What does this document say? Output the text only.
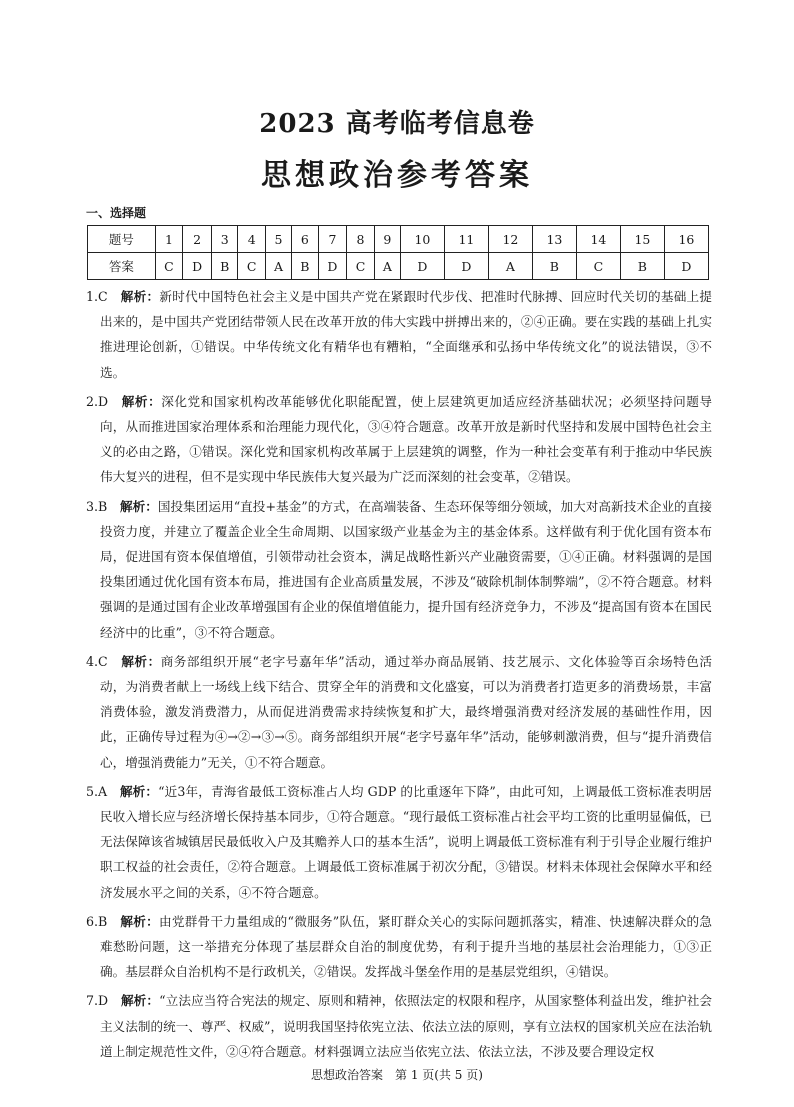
2023 高考临考信息卷
思想政治参考答案
一、选择题
题号	1	2	3	4	5	6	7	8	9	10	11	12	13	14	15	16
答案	C	D	B	C	A	B	D	C	A	D	D	A	B	C	B	D

1.C　 解析：新时代中国特色社会主义是中国共产党在紧跟时代步伐、把准时代脉搏、回应时代关切的基础上提出来的，是中国共产党团结带领人民在改革开放的伟大实践中拼搏出来的，②④正确。要在实践的基础上扎实推进理论创新，①错误。中华传统文化有精华也有糟粕，“全面继承和弘扬中华传统文化”的说法错误，③不选。

2.D　 解析：深化党和国家机构改革能够优化职能配置，使上层建筑更加适应经济基础状况；必须坚持问题导向，从而推进国家治理体系和治理能力现代化，③④符合题意。改革开放是新时代坚持和发展中国特色社会主义的必由之路，①错误。深化党和国家机构改革属于上层建筑的调整，作为一种社会变革有利于推动中华民族伟大复兴的进程，但不是实现中华民族伟大复兴最为广泛而深刻的社会变革，②错误。

3.B　 解析：国投集团运用“直投+基金”的方式，在高端装备、生态环保等细分领域，加大对高新技术企业的直接投资力度，并建立了覆盖企业全生命周期、以国家级产业基金为主的基金体系。这样做有利于优化国有资本布局，促进国有资本保值增值，引领带动社会资本，满足战略性新兴产业融资需要，①④正确。材料强调的是国投集团通过优化国有资本布局，推进国有企业高质量发展，不涉及“破除机制体制弊端”，②不符合题意。材料强调的是通过国有企业改革增强国有企业的保值增值能力，提升国有经济竞争力，不涉及“提高国有资本在国民经济中的比重”，③不符合题意。

4.C　 解析：商务部组织开展“老字号嘉年华”活动，通过举办商品展销、技艺展示、文化体验等百余场特色活动，为消费者献上一场线上线下结合、贯穿全年的消费和文化盛宴，可以为消费者打造更多的消费场景，丰富消费体验，激发消费潜力，从而促进消费需求持续恢复和扩大，最终增强消费对经济发展的基础性作用，因此，正确传导过程为④→②→③→⑤。商务部组织开展“老字号嘉年华”活动，能够刺激消费，但与“提升消费信心，增强消费能力”无关，①不符合题意。

5.A　 解析：“近3年，青海省最低工资标准占人均 GDP 的比重逐年下降”，由此可知，上调最低工资标准表明居民收入增长应与经济增长保持基本同步，①符合题意。“现行最低工资标准占社会平均工资的比重明显偏低，已无法保障该省城镇居民最低收入户及其赡养人口的基本生活”，说明上调最低工资标准有利于引导企业履行维护职工权益的社会责任，②符合题意。上调最低工资标准属于初次分配，③错误。材料未体现社会保障水平和经济发展水平之间的关系，④不符合题意。

6.B　 解析：由党群骨干力量组成的“微服务”队伍，紧盯群众关心的实际问题抓落实，精准、快速解决群众的急难愁盼问题，这一举措充分体现了基层群众自治的制度优势，有利于提升当地的基层社会治理能力，①③正确。基层群众自治机构不是行政机关，②错误。发挥战斗堡垒作用的是基层党组织，④错误。

7.D　 解析：“立法应当符合宪法的规定、原则和精神，依照法定的权限和程序，从国家整体利益出发，维护社会主义法制的统一、尊严、权威”，说明我国坚持依宪立法、依法立法的原则，享有立法权的国家机关应在法治轨道上制定规范性文件，②④符合题意。材料强调立法应当依宪立法、依法立法，不涉及要合理设定权

思想政治答案　第 1 页(共 5 页)
